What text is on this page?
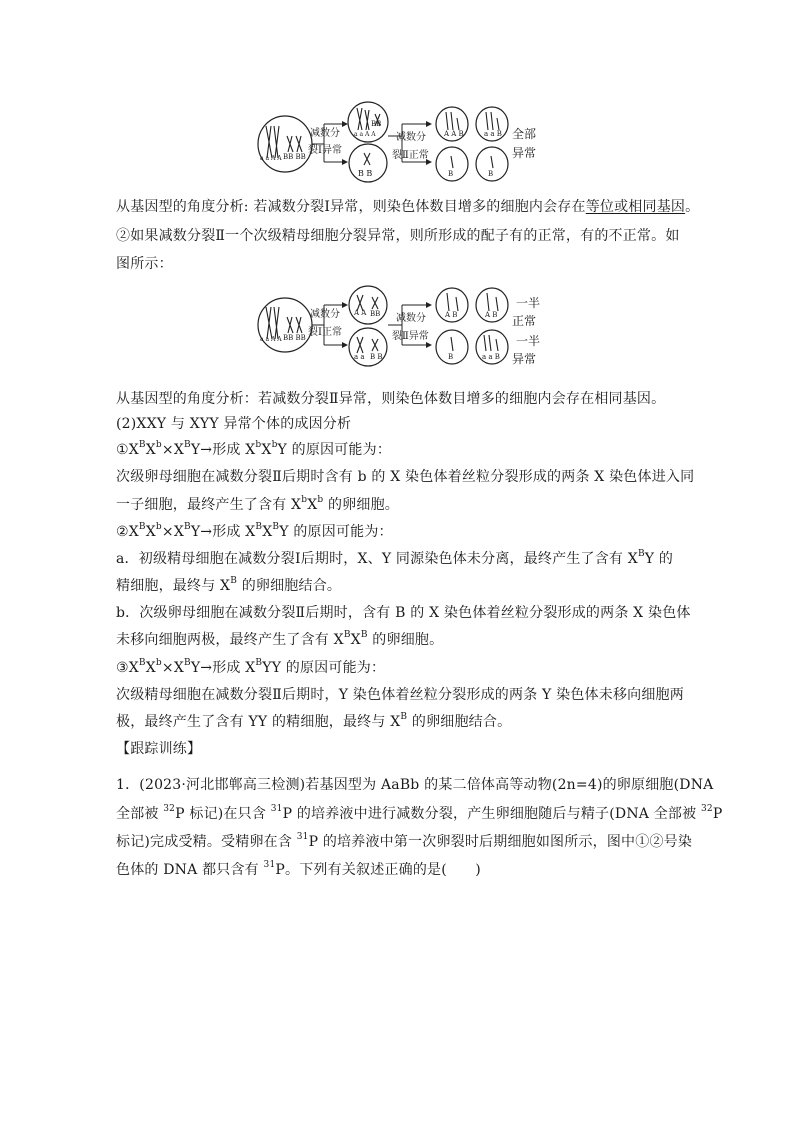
a a A A BB BB
减数分
裂Ⅰ异常
a a A A
BB
B B
减数分
裂Ⅱ正常
A A B	a a B
B	B
全部
异常
从基因型的角度分析: 若减数分裂Ⅰ异常，则染色体数目增多的细胞内会存在等位或相同基因。
②如果减数分裂Ⅱ一个次级精母细胞分裂异常，则所形成的配子有的正常，有的不正常。如
图所示：
a a A A BB BB
减数分
裂Ⅰ正常
A A BB
a a B B
减数分
裂Ⅱ异常
A B	A B
B	a a B
一半
正常
一半
异常
从基因型的角度分析：若减数分裂Ⅱ异常，则染色体数目增多的细胞内会存在相同基因。
(2)XXY 与 XYY 异常个体的成因分析
$①X^BX^b\times X^BY\to$形成 $X^bX^bY$ 的原因可能为：
次级卵母细胞在减数分裂Ⅱ后期时含有 b 的 X 染色体着丝粒分裂形成的两条 X 染色体进入同
一子细胞，最终产生了含有 $X^bX^b$ 的卵细胞。
$②X^BX^b\times X^BY\to$形成 $X^BX^BY$ 的原因可能为：
a．初级精母细胞在减数分裂Ⅰ后期时，X、Y 同源染色体未分离，最终产生了含有 $X^BY$ 的
精细胞，最终与 $X^B$ 的卵细胞结合。
b．次级卵母细胞在减数分裂Ⅱ后期时，含有 B 的 X 染色体着丝粒分裂形成的两条 X 染色体
未移向细胞两极，最终产生了含有 $X^BX^B$ 的卵细胞。
$③X^BX^b\times X^BY\to$形成 $X^BYY$ 的原因可能为：
次级精母细胞在减数分裂Ⅱ后期时，Y 染色体着丝粒分裂形成的两条 Y 染色体未移向细胞两
极，最终产生了含有 YY 的精细胞，最终与 $X^B$ 的卵细胞结合。
【跟踪训练】
1．(2023·河北邯郸高三检测)若基因型为 AaBb 的某二倍体高等动物(2n=4)的卵原细胞(DNA
全部被 $^{32}$P 标记)在只含 $^{31}$P 的培养液中进行减数分裂，产生卵细胞随后与精子(DNA 全部被 $^{32}$P
标记)完成受精。受精卵在含 $^{31}$P 的培养液中第一次卵裂时后期细胞如图所示，图中①②号染
色体的 DNA 都只含有 $^{31}$P。下列有关叙述正确的是(　　)
